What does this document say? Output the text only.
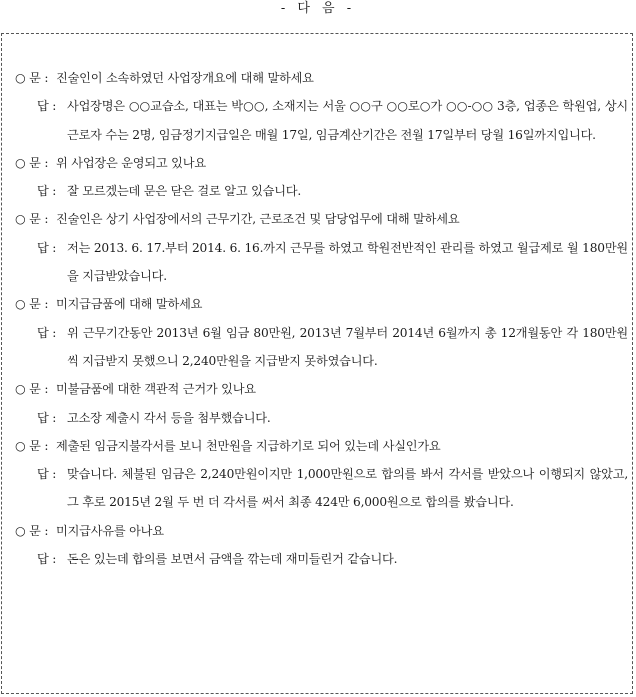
- 다 음 -

○ 문 : 진술인이 소속하였던 사업장개요에 대해 말하세요

답 : 사업장명은 ○○교습소, 대표는 박○○, 소재지는 서울 ○○구 ○○로○가 ○○-○○ 3층, 업종은 학원업, 상시근로자 수는 2명, 임금정기지급일은 매월 17일, 임금계산기간은 전월 17일부터 당월 16일까지입니다.

○ 문 : 위 사업장은 운영되고 있나요

답 : 잘 모르겠는데 문은 닫은 걸로 알고 있습니다.

○ 문 : 진술인은 상기 사업장에서의 근무기간, 근로조건 및 담당업무에 대해 말하세요

답 : 저는 2013. 6. 17.부터 2014. 6. 16.까지 근무를 하였고 학원전반적인 관리를 하였고 월급제로 월 180만원을 지급받았습니다.

○ 문 : 미지급금품에 대해 말하세요

답 : 위 근무기간동안 2013년 6월 임금 80만원, 2013년 7월부터 2014년 6월까지 총 12개월동안 각 180만원씩 지급받지 못했으니 2,240만원을 지급받지 못하였습니다.

○ 문 : 미불금품에 대한 객관적 근거가 있나요

답 : 고소장 제출시 각서 등을 첨부했습니다.

○ 문 : 제출된 임금지불각서를 보니 천만원을 지급하기로 되어 있는데 사실인가요

답 : 맞습니다. 체불된 임금은 2,240만원이지만 1,000만원으로 합의를 봐서 각서를 받았으나 이행되지 않았고, 그 후로 2015년 2월 두 번 더 각서를 써서 최종 424만 6,000원으로 합의를 봤습니다.

○ 문 : 미지급사유를 아나요

답 : 돈은 있는데 합의를 보면서 금액을 깎는데 재미들린거 같습니다.
